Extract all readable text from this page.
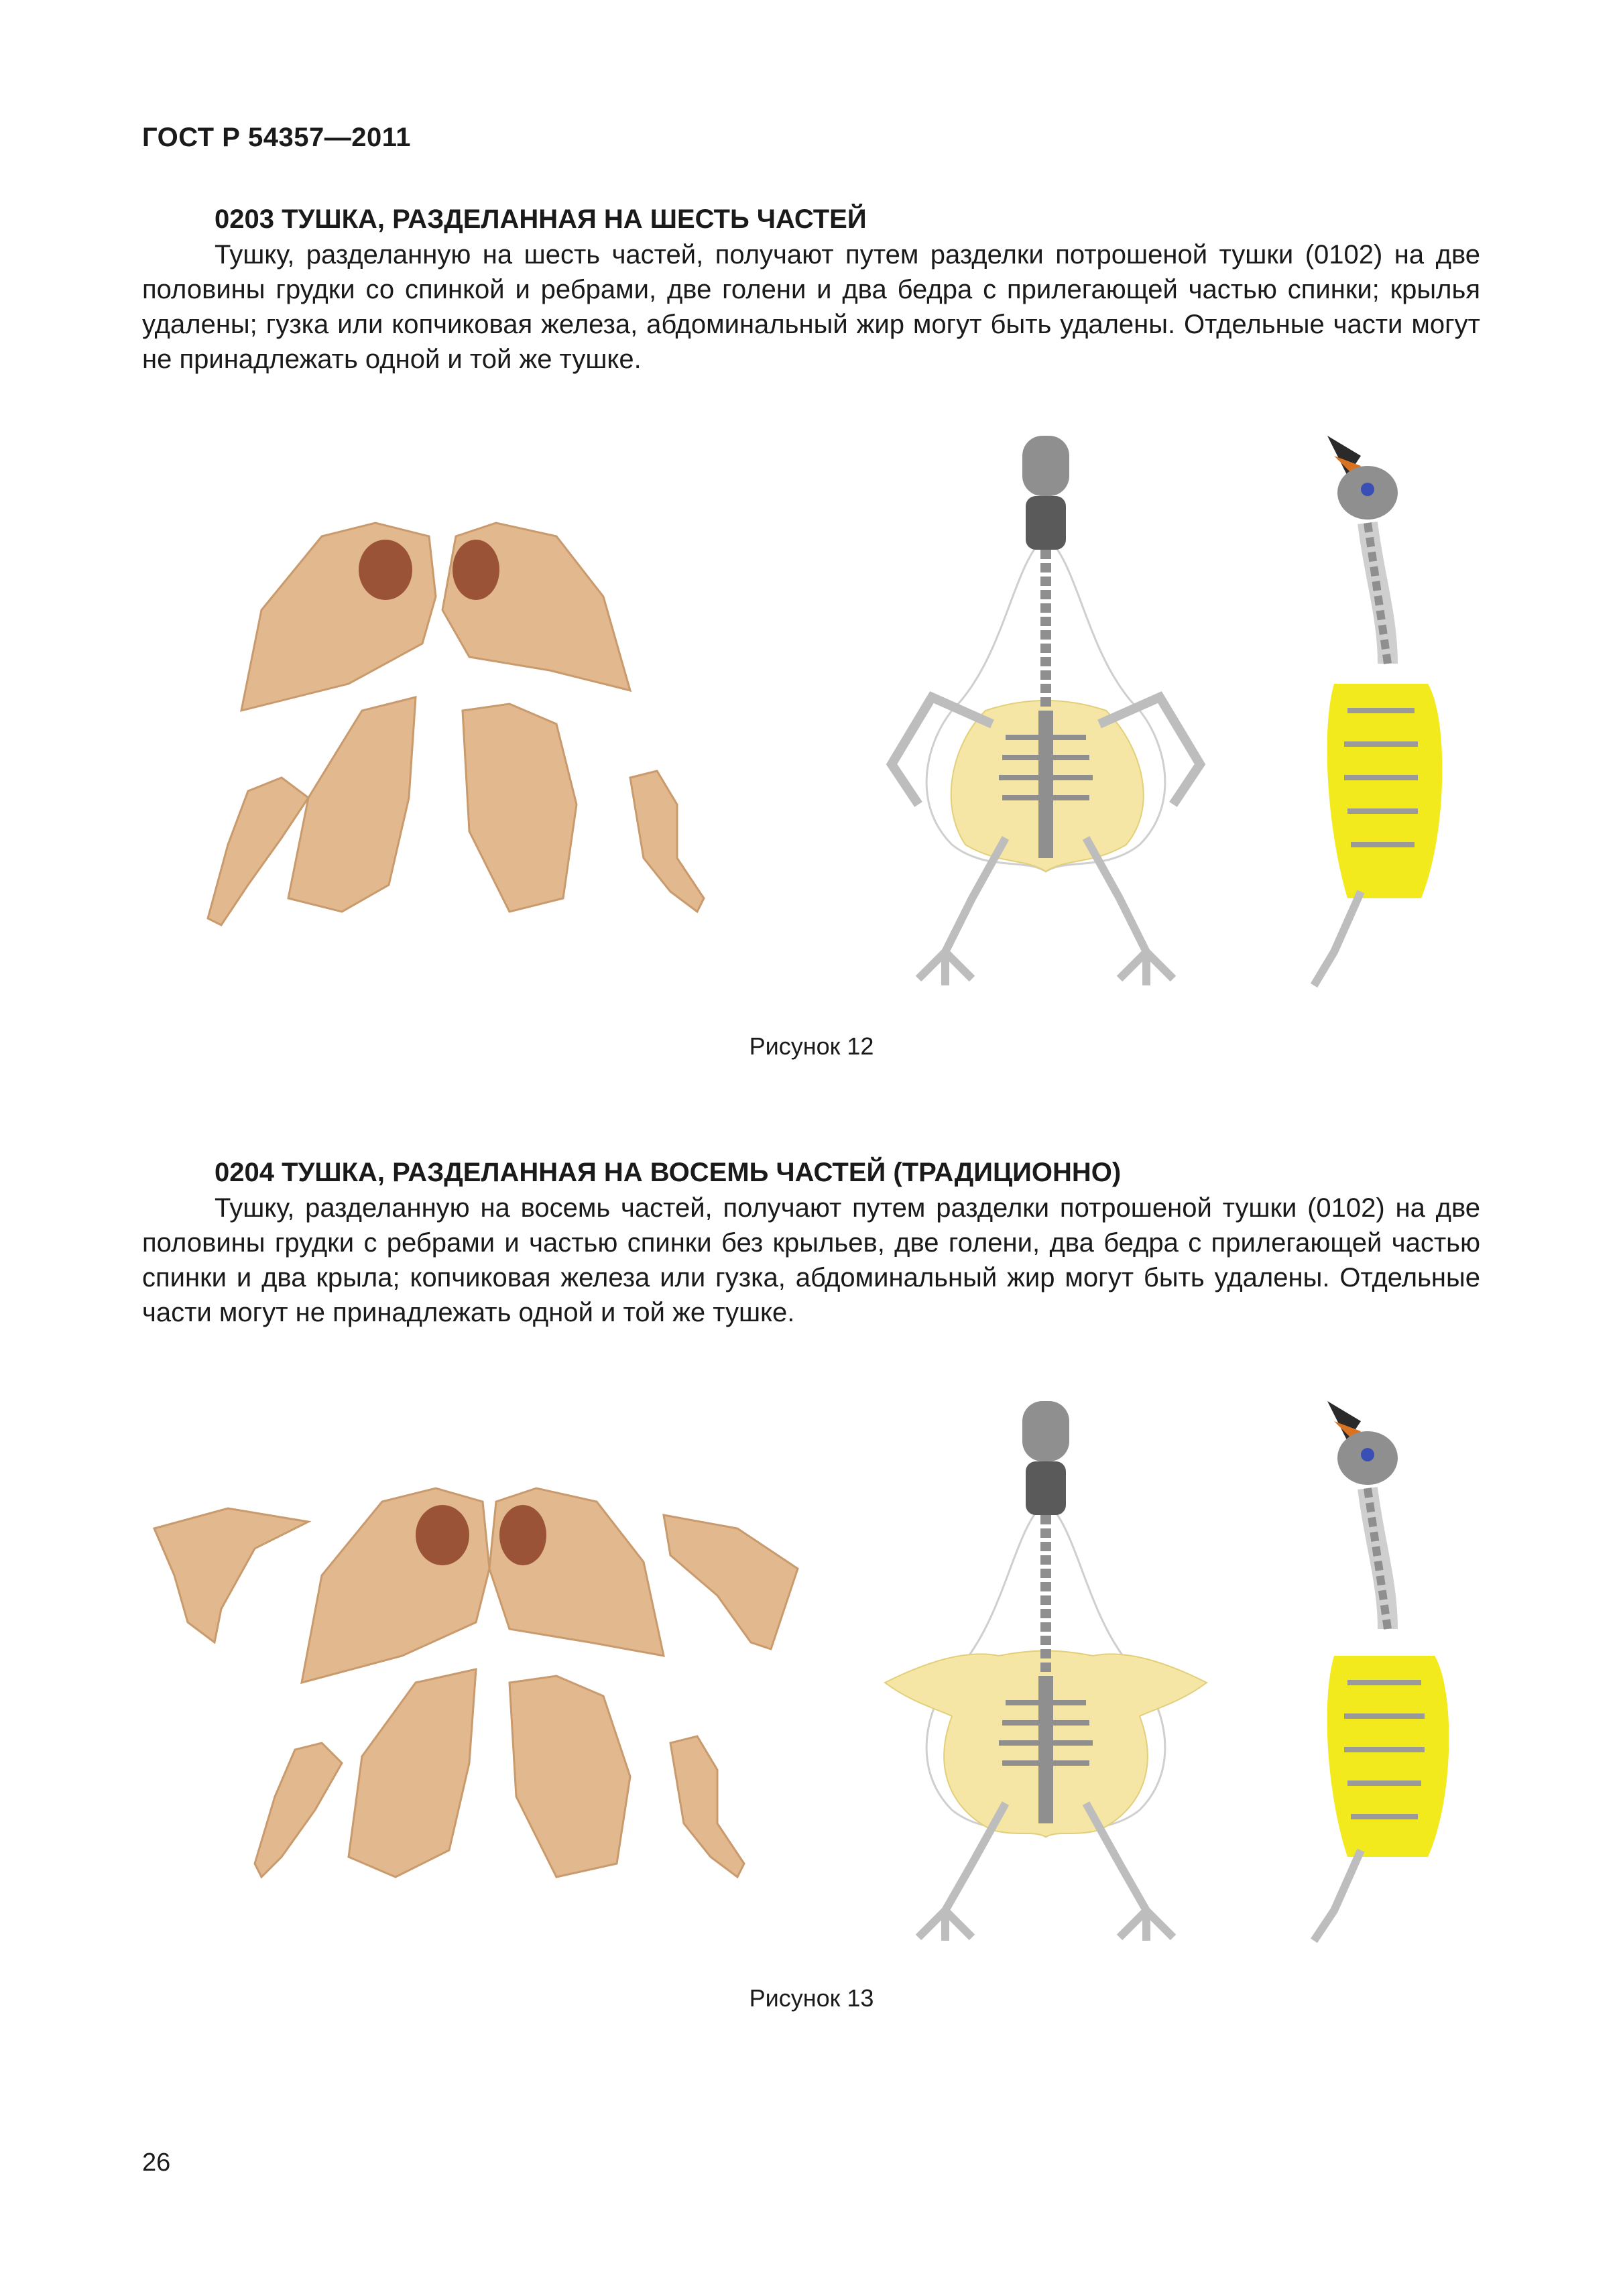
ГОСТ Р 54357—2011
0203 ТУШКА, РАЗДЕЛАННАЯ НА ШЕСТЬ ЧАСТЕЙ

Тушку, разделанную на шесть частей, получают путем разделки потрошеной тушки (0102) на две половины грудки со спинкой и ребрами, две голени и два бедра с прилегающей частью спинки; крылья удалены; гузка или копчиковая железа, абдоминальный жир могут быть удалены. Отдельные части могут не принадлежать одной и той же тушке.

Рисунок 12
0204 ТУШКА, РАЗДЕЛАННАЯ НА ВОСЕМЬ ЧАСТЕЙ (ТРАДИЦИОННО)

Тушку, разделанную на восемь частей, получают путем разделки потрошеной тушки (0102) на две половины грудки с ребрами и частью спинки без крыльев, две голени, два бедра с прилегающей частью спинки и два крыла; копчиковая железа или гузка, абдоминальный жир могут быть удалены. Отдельные части могут не принадлежать одной и той же тушке.

Рисунок 13
26
